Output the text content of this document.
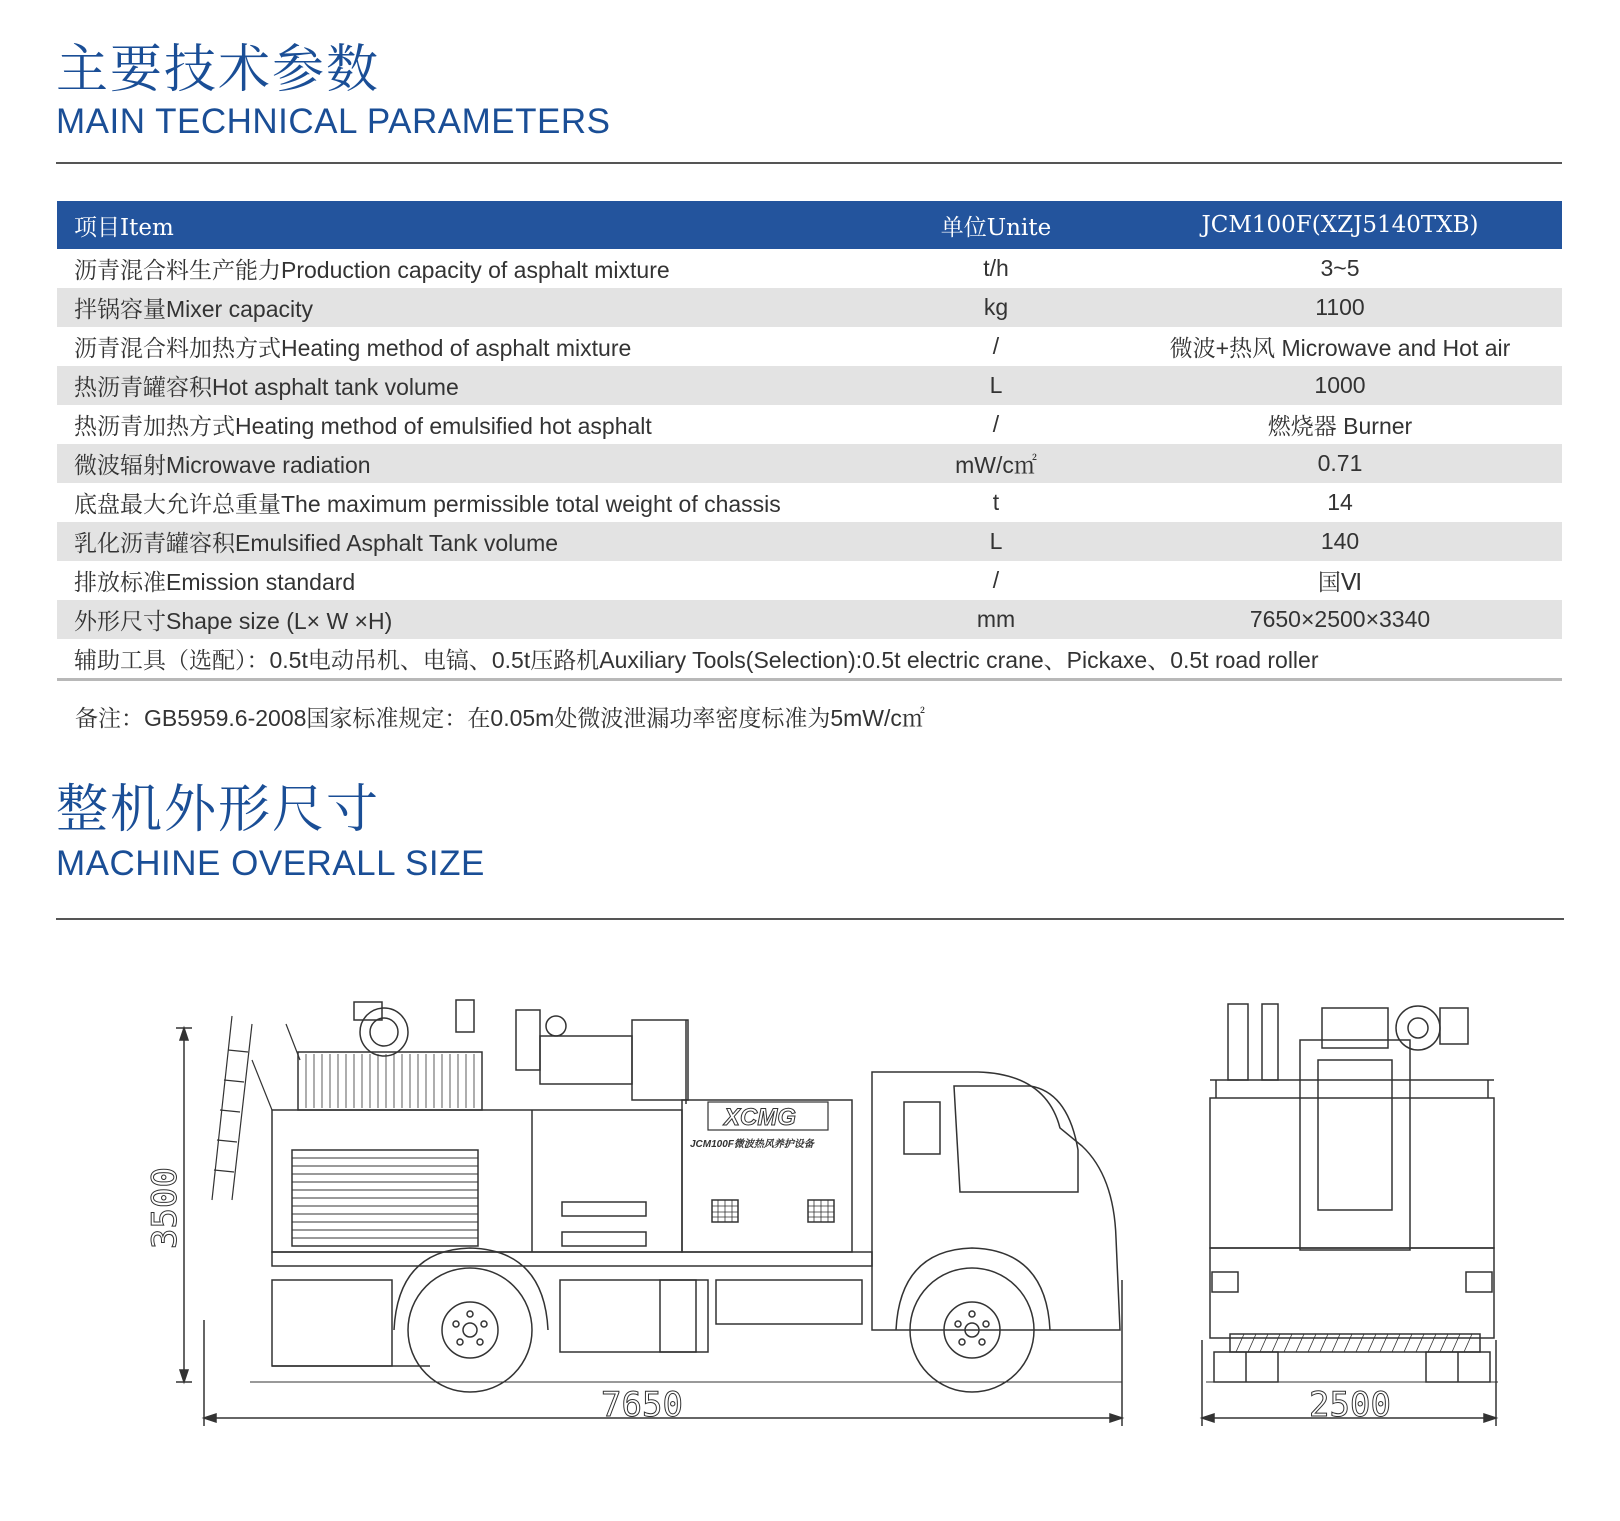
主要技术参数
MAIN TECHNICAL PARAMETERS
项目Item	单位Unite	JCM100F(XZJ5140TXB)
沥青混合料生产能力Production capacity of asphalt mixture	t/h	3~5
拌锅容量Mixer capacity	kg	1100
沥青混合料加热方式Heating method of asphalt mixture	/	微波+热风 Microwave and Hot air
热沥青罐容积Hot asphalt tank volume	L	1000
热沥青加热方式Heating method of emulsified hot asphalt	/	燃烧器 Burner
微波辐射Microwave radiation	mW/c㎡	0.71
底盘最大允许总重量The maximum permissible total weight of chassis	t	14
乳化沥青罐容积Emulsified Asphalt Tank volume	L	140
排放标准Emission standard	/	国Ⅵ
外形尺寸Shape size (L× W ×H)	mm	7650×2500×3340
辅助工具（选配）：0.5t电动吊机、电镐、0.5t压路机Auxiliary Tools(Selection):0.5t electric crane、Pickaxe、0.5t road roller		
备注：GB5959.6-2008国家标准规定：在0.05m处微波泄漏功率密度标准为5mW/c㎡
整机外形尺寸
MACHINE OVERALL SIZE
XCMG
JCM100F微波热风养护设备
3500
7650	2500
